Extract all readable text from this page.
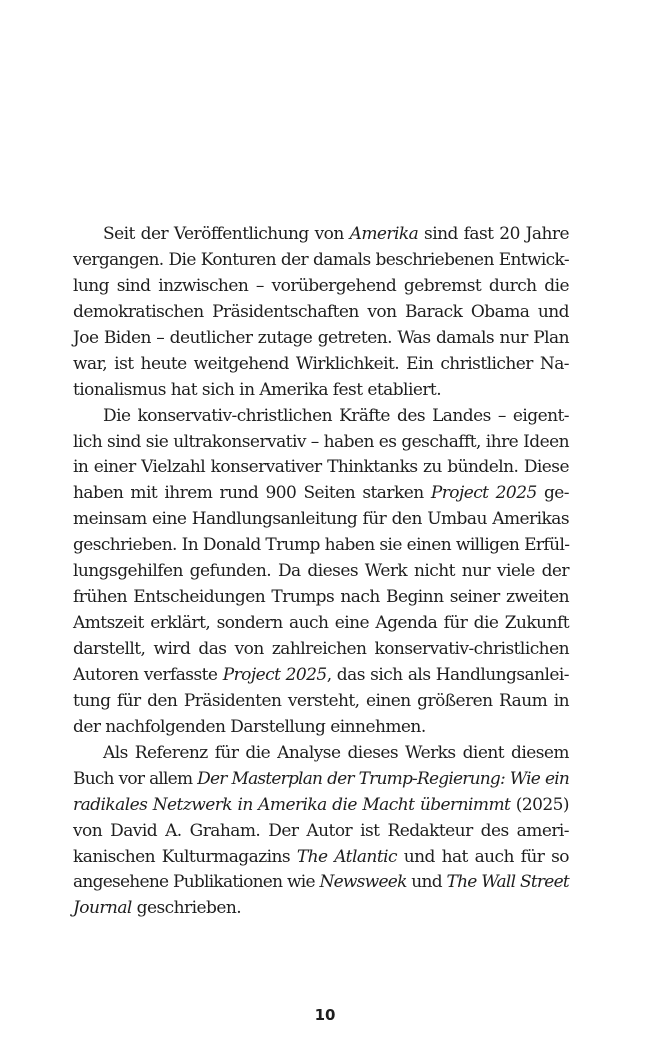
Seit der Veröffentlichung von Amerika sind fast 20 Jahre
vergangen. Die Konturen der damals beschriebenen Entwick-
lung sind inzwischen – vorübergehend gebremst durch die
demokratischen Präsidentschaften von Barack Obama und
Joe Biden – deutlicher zutage getreten. Was damals nur Plan
war, ist heute weitgehend Wirklichkeit. Ein christlicher Na-
tionalismus hat sich in Amerika fest etabliert.
Die konservativ-christlichen Kräfte des Landes – eigent-
lich sind sie ultrakonservativ – haben es geschafft, ihre Ideen
in einer Vielzahl konservativer Thinktanks zu bündeln. Diese
haben mit ihrem rund 900 Seiten starken Project 2025 ge-
meinsam eine Handlungsanleitung für den Umbau Amerikas
geschrieben. In Donald Trump haben sie einen willigen Erfül-
lungsgehilfen gefunden. Da dieses Werk nicht nur viele der
frühen Entscheidungen Trumps nach Beginn seiner zweiten
Amtszeit erklärt, sondern auch eine Agenda für die Zukunft
darstellt, wird das von zahlreichen konservativ-christlichen
Autoren verfasste Project 2025, das sich als Handlungsanlei-
tung für den Präsidenten versteht, einen größeren Raum in
der nachfolgenden Darstellung einnehmen.
Als Referenz für die Analyse dieses Werks dient diesem
Buch vor allem Der Masterplan der Trump-Regierung: Wie ein
radikales Netzwerk in Amerika die Macht übernimmt (2025)
von David A. Graham. Der Autor ist Redakteur des ameri-
kanischen Kulturmagazins The Atlantic und hat auch für so
angesehene Publikationen wie Newsweek und The Wall Street
Journal geschrieben.
10
